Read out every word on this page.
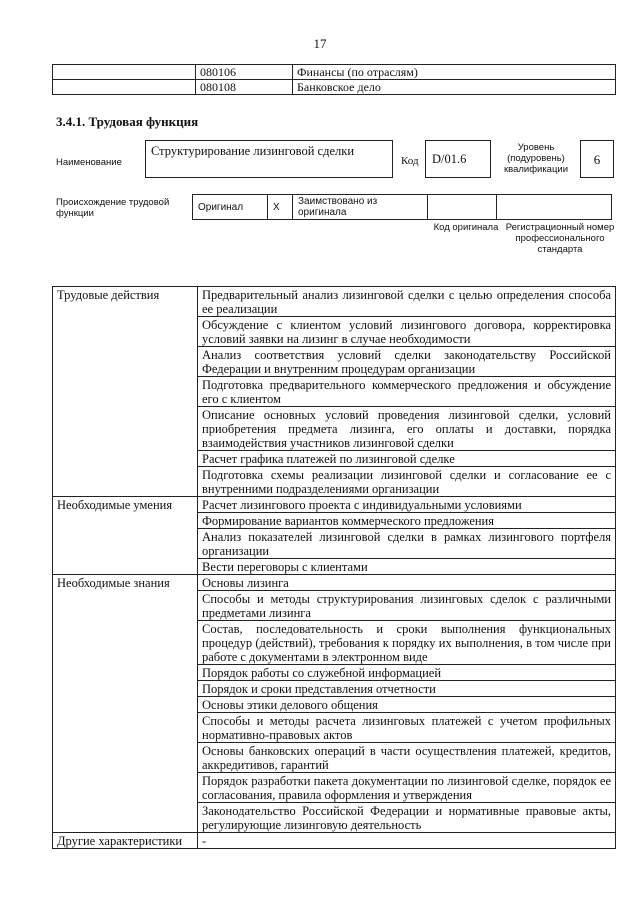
17
	080106	Финансы (по отраслям)
	080108	Банковское дело
3.4.1. Трудовая функция
Наименование
Структурирование лизинговой сделки
Код	D/01.6
Уровень (подуровень) квалификации
6
Происхождение трудовой функции
Оригинал	X	Заимствовано из оригинала		
Код оригинала Регистрационный номер профессионального стандарта
Трудовые действия	Предварительный анализ лизинговой сделки с целью определения способа ее реализации
	Обсуждение с клиентом условий лизингового договора, корректировка условий заявки на лизинг в случае необходимости
	Анализ соответствия условий сделки законодательству Российской Федерации и внутренним процедурам организации
	Подготовка предварительного коммерческого предложения и обсуждение его с клиентом
	Описание основных условий проведения лизинговой сделки, условий приобретения предмета лизинга, его оплаты и доставки, порядка взаимодействия участников лизинговой сделки
	Расчет графика платежей по лизинговой сделке
	Подготовка схемы реализации лизинговой сделки и согласование ее с внутренними подразделениями организации
Необходимые умения	Расчет лизингового проекта с индивидуальными условиями
	Формирование вариантов коммерческого предложения
	Анализ показателей лизинговой сделки в рамках лизингового портфеля организации
	Вести переговоры с клиентами
Необходимые знания	Основы лизинга
	Способы и методы структурирования лизинговых сделок с различными предметами лизинга
	Состав, последовательность и сроки выполнения функциональных процедур (действий), требования к порядку их выполнения, в том числе при работе с документами в электронном виде
	Порядок работы со служебной информацией
	Порядок и сроки представления отчетности
	Основы этики делового общения
	Способы и методы расчета лизинговых платежей с учетом профильных нормативно-правовых актов
	Основы банковских операций в части осуществления платежей, кредитов, аккредитивов, гарантий
	Порядок разработки пакета документации по лизинговой сделке, порядок ее согласования, правила оформления и утверждения
	Законодательство Российской Федерации и нормативные правовые акты, регулирующие лизинговую деятельность
Другие характеристики	-
